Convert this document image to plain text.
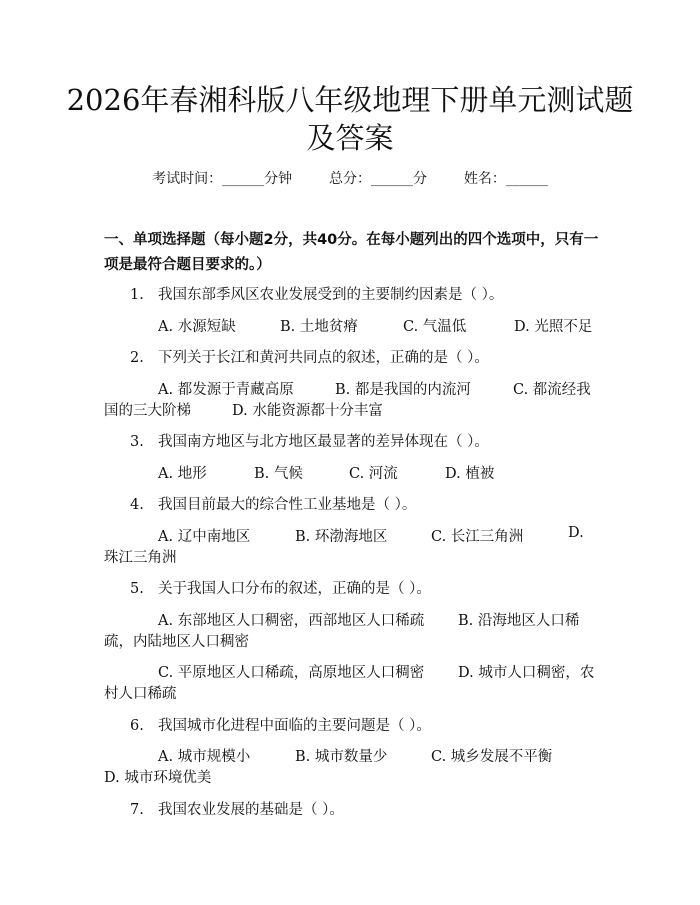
2026年春湘科版八年级地理下册单元测试题
及答案
考试时间：______分钟	总分：______分	姓名：______
一、单项选择题（每小题2分，共40分。在每小题列出的四个选项中，只有一项是最符合题目要求的。）
1. 我国东部季风区农业发展受到的主要制约因素是（ ）。
A. 水源短缺	B. 土地贫瘠	C. 气温低	D. 光照不足
2. 下列关于长江和黄河共同点的叙述，正确的是（ ）。
A. 都发源于青藏高原	B. 都是我国的内流河	C. 都流经我
国的三大阶梯	D. 水能资源都十分丰富
3. 我国南方地区与北方地区最显著的差异体现在（ ）。
A. 地形	B. 气候	C. 河流	D. 植被
4. 我国目前最大的综合性工业基地是（ ）。
A. 辽中南地区	B. 环渤海地区	C. 长江三角洲	D.
珠江三角洲
5. 关于我国人口分布的叙述，正确的是（ ）。
A. 东部地区人口稠密，西部地区人口稀疏 B. 沿海地区人口稀
疏，内陆地区人口稠密
C. 平原地区人口稀疏，高原地区人口稠密 D. 城市人口稠密，农
村人口稀疏
6. 我国城市化进程中面临的主要问题是（ ）。
A. 城市规模小	B. 城市数量少	C. 城乡发展不平衡
D. 城市环境优美
7. 我国农业发展的基础是（ ）。
